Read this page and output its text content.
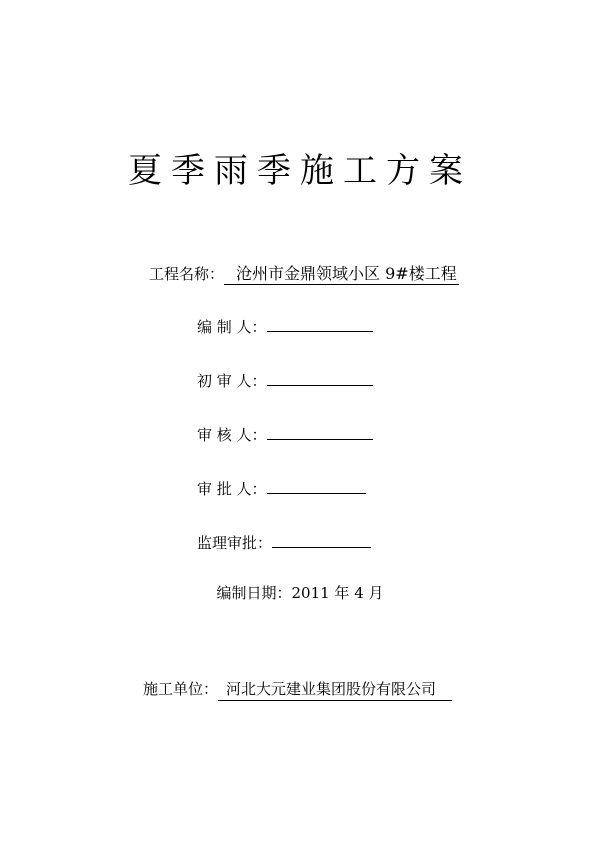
夏季雨季施工方案
工程名称： 沧州市金鼎领域小区 9#楼工程
编 制 人：
初 审 人：
审 核 人：
审 批 人：
监理审批：
编制日期：2011 年 4 月
施工单位： 河北大元建业集团股份有限公司
